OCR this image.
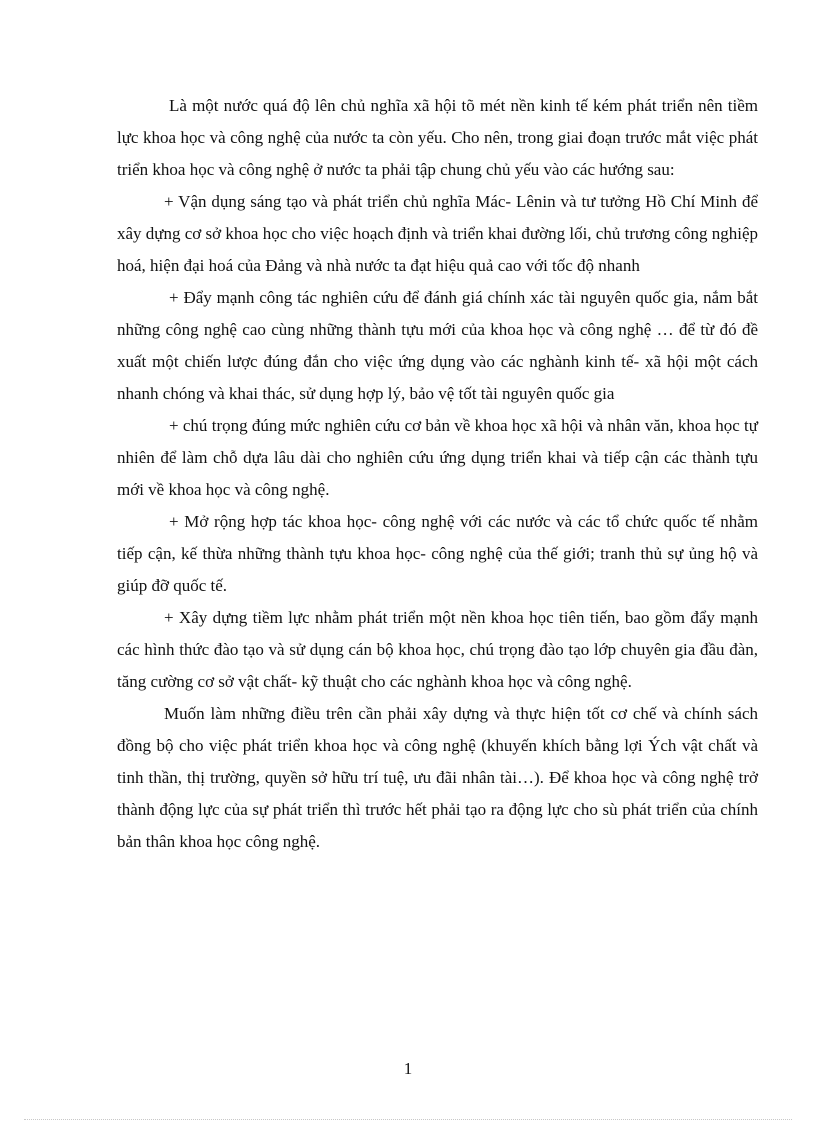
Là một nước quá độ lên chủ nghĩa xã hội tõ mét nền kinh tế kém phát triển nên tiềm lực khoa học và công nghệ của nước ta còn yếu. Cho nên, trong giai đoạn trước mắt việc phát triển khoa học và công nghệ ở nước ta phải tập chung chủ yếu vào các hướng sau:

+ Vận dụng sáng tạo và phát triển chủ nghĩa Mác- Lênin và tư tưởng Hồ Chí Minh để xây dựng cơ sở khoa học cho việc hoạch định và triển khai đường lối, chủ trương công nghiệp hoá, hiện đại hoá của Đảng và nhà nước ta đạt hiệu quả cao với tốc độ nhanh

+ Đẩy mạnh công tác nghiên cứu để đánh giá chính xác tài nguyên quốc gia, nắm bắt những công nghệ cao cùng những thành tựu mới của khoa học và công nghệ … để từ đó đề xuất một chiến lược đúng đắn cho việc ứng dụng vào các nghành kinh tế- xã hội một cách nhanh chóng và khai thác, sử dụng hợp lý, bảo vệ tốt tài nguyên quốc gia

+ chú trọng đúng mức nghiên cứu cơ bản về khoa học xã hội và nhân văn, khoa học tự nhiên để làm chỗ dựa lâu dài cho nghiên cứu ứng dụng triển khai và tiếp cận các thành tựu mới về khoa học và công nghệ.

+ Mở rộng hợp tác khoa học- công nghệ với các nước và các tổ chức quốc tế nhằm tiếp cận, kế thừa những thành tựu khoa học- công nghệ của thế giới; tranh thủ sự ủng hộ và giúp đỡ quốc tế.

+ Xây dựng tiềm lực nhằm phát triển một nền khoa học tiên tiến, bao gồm đẩy mạnh các hình thức đào tạo và sử dụng cán bộ khoa học, chú trọng đào tạo lớp chuyên gia đầu đàn, tăng cường cơ sở vật chất- kỹ thuật cho các nghành khoa học và công nghệ.

Muốn làm những điều trên cần phải xây dựng và thực hiện tốt cơ chế và chính sách đồng bộ cho việc phát triển khoa học và công nghệ (khuyến khích bằng lợi Ých vật chất và tinh thần, thị trường, quyền sở hữu trí tuệ, ưu đãi nhân tài…). Để khoa học và công nghệ trở thành động lực của sự phát triển thì trước hết phải tạo ra động lực cho sù phát triển của chính bản thân khoa học công nghệ.

1
